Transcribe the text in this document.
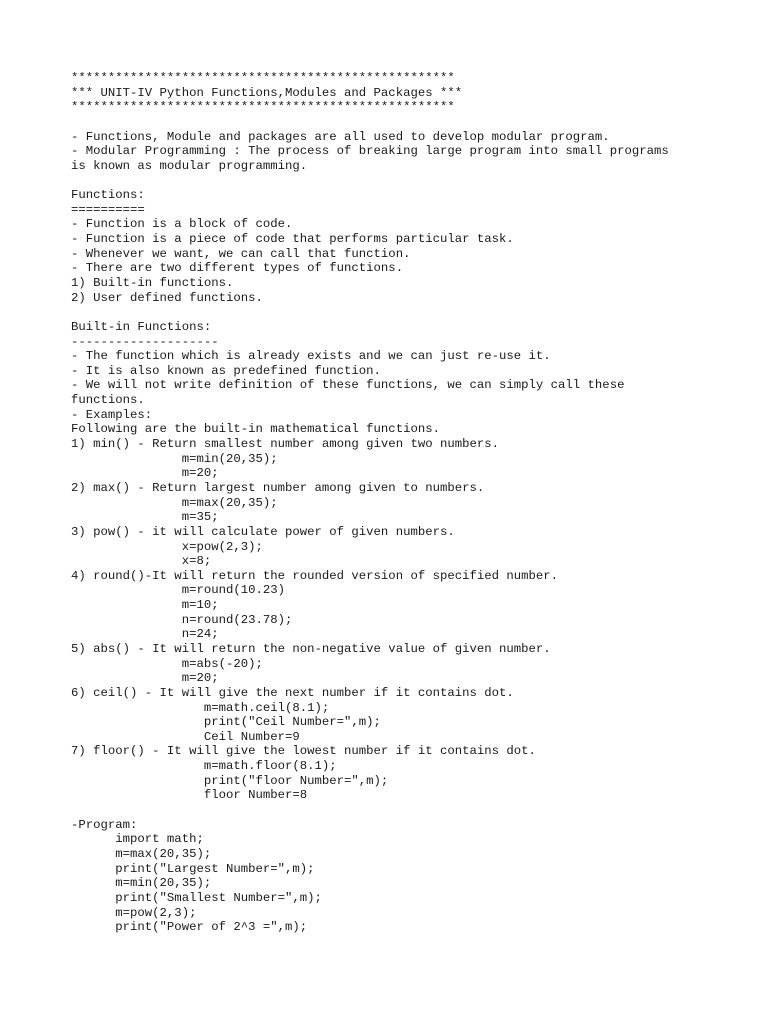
****************************************************
*** UNIT-IV Python Functions,Modules and Packages ***
****************************************************
- Functions, Module and packages are all used to develop modular program.
- Modular Programming : The process of breaking large program into small programs
is known as modular programming.
Functions:
==========
- Function is a block of code.
- Function is a piece of code that performs particular task.
- Whenever we want, we can call that function.
- There are two different types of functions.
1) Built-in functions.
2) User defined functions.
Built-in Functions:
--------------------
- The function which is already exists and we can just re-use it.
- It is also known as predefined function.
- We will not write definition of these functions, we can simply call these
functions.
- Examples:
Following are the built-in mathematical functions.
1) min() - Return smallest number among given two numbers.
m=min(20,35);
m=20;
2) max() - Return largest number among given to numbers.
m=max(20,35);
m=35;
3) pow() - it will calculate power of given numbers.
x=pow(2,3);
x=8;
4) round()-It will return the rounded version of specified number.
m=round(10.23)
m=10;
n=round(23.78);
n=24;
5) abs() - It will return the non-negative value of given number.
m=abs(-20);
m=20;
6) ceil() - It will give the next number if it contains dot.
m=math.ceil(8.1);
print("Ceil Number=",m);
Ceil Number=9
7) floor() - It will give the lowest number if it contains dot.
m=math.floor(8.1);
print("floor Number=",m);
floor Number=8
-Program:
import math;
m=max(20,35);
print("Largest Number=",m);
m=min(20,35);
print("Smallest Number=",m);
m=pow(2,3);
print("Power of 2^3 =",m);
